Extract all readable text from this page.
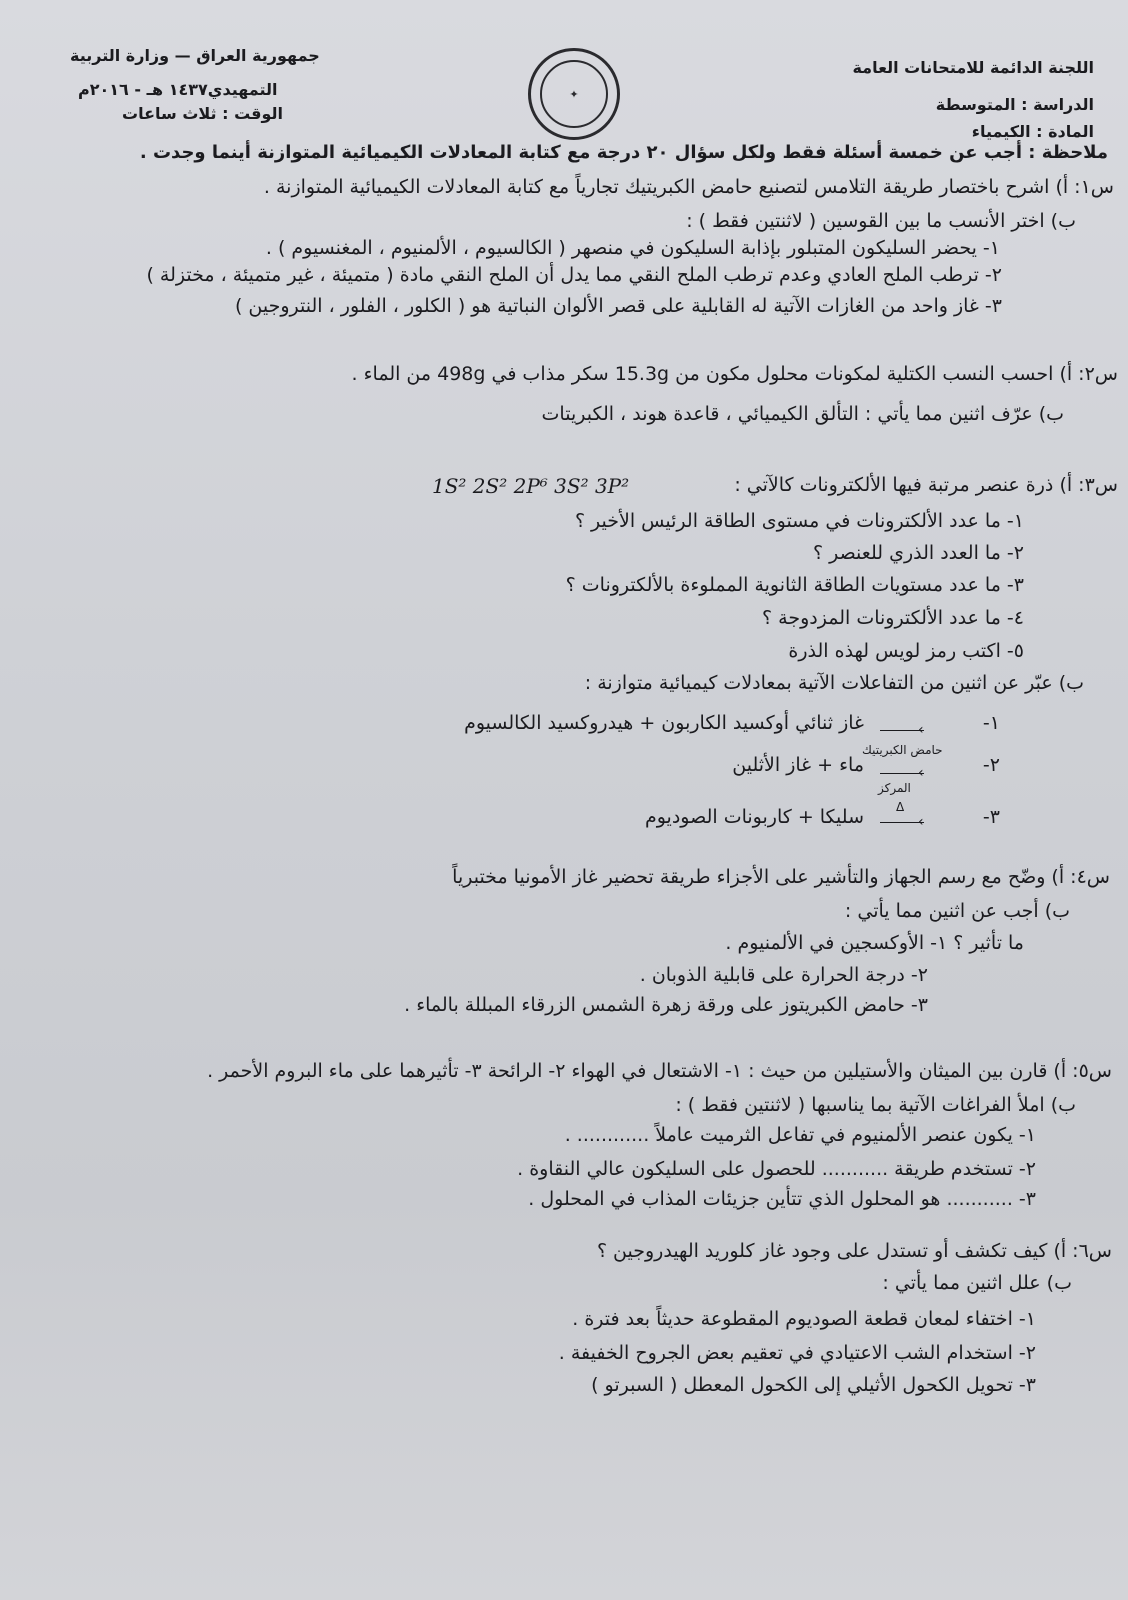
اللجنة الدائمة للامتحانات العامة
الدراسة : المتوسطة
المادة : الكيمياء
✦
جمهورية العراق — وزارة التربية
التمهيدي١٤٣٧ هـ - ٢٠١٦م
الوقت : ثلاث ساعات
ملاحظة : أجب عن خمسة أسئلة فقط ولكل سؤال ٢٠ درجة مع كتابة المعادلات الكيميائية المتوازنة أينما وجدت .
س١: أ) اشرح باختصار طريقة التلامس لتصنيع حامض الكبريتيك تجارياً مع كتابة المعادلات الكيميائية المتوازنة .
ب) اختر الأنسب ما بين القوسين ( لاثنتين فقط ) :
١- يحضر السليكون المتبلور بإذابة السليكون في منصهر ( الكالسيوم ، الألمنيوم ، المغنسيوم ) .
٢- ترطب الملح العادي وعدم ترطب الملح النقي مما يدل أن الملح النقي مادة ( متميئة ، غير متميئة ، مختزلة )
٣- غاز واحد من الغازات الآتية له القابلية على قصر الألوان النباتية هو ( الكلور ، الفلور ، النتروجين )
س٢: أ) احسب النسب الكتلية لمكونات محلول مكون من 15.3g سكر مذاب في 498g من الماء .
ب) عرّف اثنين مما يأتي : التألق الكيميائي ، قاعدة هوند ، الكبريتات
س٣: أ) ذرة عنصر مرتبة فيها الألكترونات كالآتي :
1S² 2S² 2P⁶ 3S² 3P²
١- ما عدد الألكترونات في مستوى الطاقة الرئيس الأخير ؟
٢- ما العدد الذري للعنصر ؟
٣- ما عدد مستويات الطاقة الثانوية المملوءة بالألكترونات ؟
٤- ما عدد الألكترونات المزدوجة ؟
٥- اكتب رمز لويس لهذه الذرة
ب) عبّر عن اثنين من التفاعلات الآتية بمعادلات كيميائية متوازنة :
١-
›
غاز ثنائي أوكسيد الكاربون + هيدروكسيد الكالسيوم
٢-
حامض الكبريتيك
›
المركز
ماء + غاز الأثلين
٣-
Δ
›
سليكا + كاربونات الصوديوم
س٤: أ) وضّح مع رسم الجهاز والتأشير على الأجزاء طريقة تحضير غاز الأمونيا مختبرياً
ب) أجب عن اثنين مما يأتي :
ما تأثير ؟ ١- الأوكسجين في الألمنيوم .
٢- درجة الحرارة على قابلية الذوبان .
٣- حامض الكبريتوز على ورقة زهرة الشمس الزرقاء المبللة بالماء .
س٥: أ) قارن بين الميثان والأستيلين من حيث : ١- الاشتعال في الهواء ٢- الرائحة ٣- تأثيرهما على ماء البروم الأحمر .
ب) املأ الفراغات الآتية بما يناسبها ( لاثنتين فقط ) :
١- يكون عنصر الألمنيوم في تفاعل الثرميت عاملاً ............ .
٢- تستخدم طريقة ........... للحصول على السليكون عالي النقاوة .
٣- ........... هو المحلول الذي تتأين جزيئات المذاب في المحلول .
س٦: أ) كيف تكشف أو تستدل على وجود غاز كلوريد الهيدروجين ؟
ب) علل اثنين مما يأتي :
١- اختفاء لمعان قطعة الصوديوم المقطوعة حديثاً بعد فترة .
٢- استخدام الشب الاعتيادي في تعقيم بعض الجروح الخفيفة .
٣- تحويل الكحول الأثيلي إلى الكحول المعطل ( السبرتو )
